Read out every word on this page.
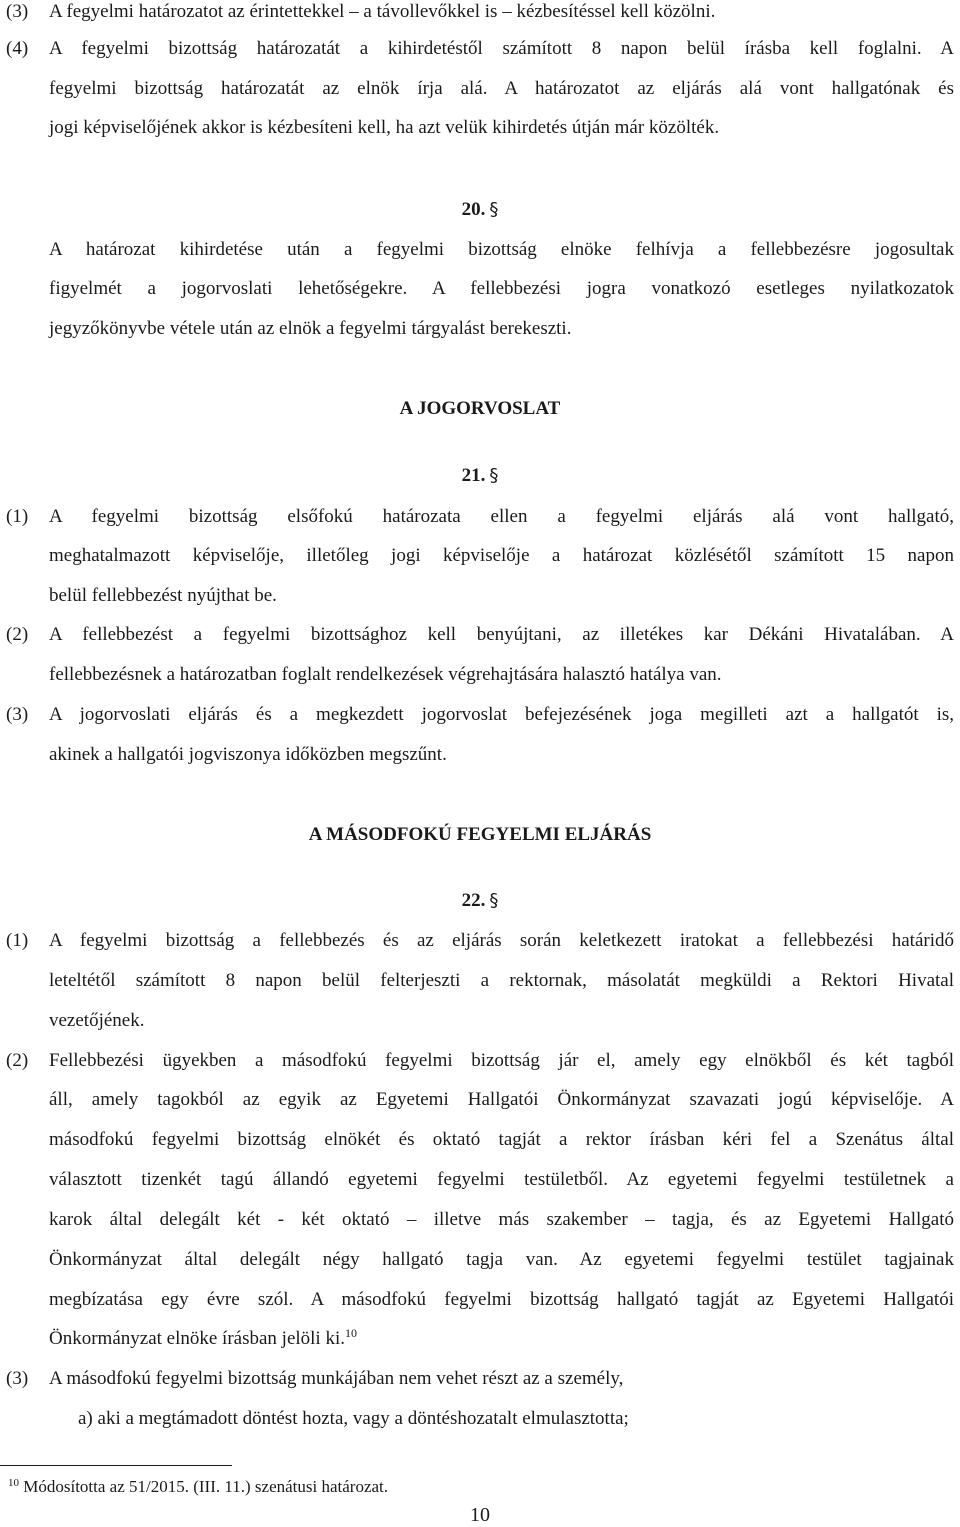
(3) A fegyelmi határozatot az érintettekkel – a távollevőkkel is – kézbesítéssel kell közölni.
(4) A fegyelmi bizottság határozatát a kihirdetéstől számított 8 napon belül írásba kell foglalni. A
fegyelmi bizottság határozatát az elnök írja alá. A határozatot az eljárás alá vont hallgatónak és
jogi képviselőjének akkor is kézbesíteni kell, ha azt velük kihirdetés útján már közölték.
20. §
A határozat kihirdetése után a fegyelmi bizottság elnöke felhívja a fellebbezésre jogosultak
figyelmét a jogorvoslati lehetőségekre. A fellebbezési jogra vonatkozó esetleges nyilatkozatok
jegyzőkönyvbe vétele után az elnök a fegyelmi tárgyalást berekeszti.
A JOGORVOSLAT
21. §
(1) A fegyelmi bizottság elsőfokú határozata ellen a fegyelmi eljárás alá vont hallgató,
meghatalmazott képviselője, illetőleg jogi képviselője a határozat közlésétől számított 15 napon
belül fellebbezést nyújthat be.
(2) A fellebbezést a fegyelmi bizottsághoz kell benyújtani, az illetékes kar Dékáni Hivatalában. A
fellebbezésnek a határozatban foglalt rendelkezések végrehajtására halasztó hatálya van.
(3) A jogorvoslati eljárás és a megkezdett jogorvoslat befejezésének joga megilleti azt a hallgatót is,
akinek a hallgatói jogviszonya időközben megszűnt.
A MÁSODFOKÚ FEGYELMI ELJÁRÁS
22. §
(1) A fegyelmi bizottság a fellebbezés és az eljárás során keletkezett iratokat a fellebbezési határidő
leteltétől számított 8 napon belül felterjeszti a rektornak, másolatát megküldi a Rektori Hivatal
vezetőjének.
(2) Fellebbezési ügyekben a másodfokú fegyelmi bizottság jár el, amely egy elnökből és két tagból
áll, amely tagokból az egyik az Egyetemi Hallgatói Önkormányzat szavazati jogú képviselője. A
másodfokú fegyelmi bizottság elnökét és oktató tagját a rektor írásban kéri fel a Szenátus által
választott tizenkét tagú állandó egyetemi fegyelmi testületből. Az egyetemi fegyelmi testületnek a
karok által delegált két - két oktató – illetve más szakember – tagja, és az Egyetemi Hallgató
Önkormányzat által delegált négy hallgató tagja van. Az egyetemi fegyelmi testület tagjainak
megbízatása egy évre szól. A másodfokú fegyelmi bizottság hallgató tagját az Egyetemi Hallgatói
Önkormányzat elnöke írásban jelöli ki.$^{10}$
(3) A másodfokú fegyelmi bizottság munkájában nem vehet részt az a személy,
a) aki a megtámadott döntést hozta, vagy a döntéshozatalt elmulasztotta;
$^{10}$ Módosította az 51/2015. (III. 11.) szenátusi határozat.
10
